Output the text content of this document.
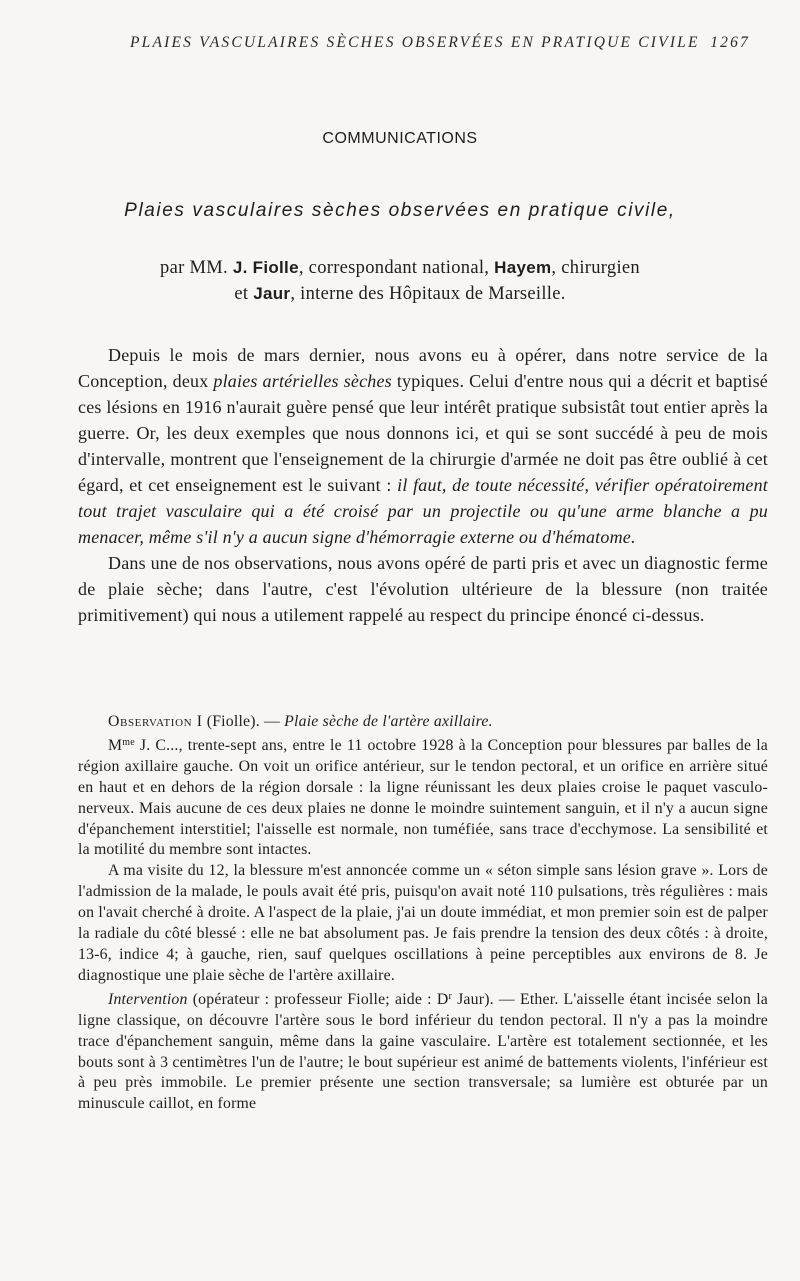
PLAIES VASCULAIRES SÈCHES OBSERVÉES EN PRATIQUE CIVILE 1267
COMMUNICATIONS
Plaies vasculaires sèches observées en pratique civile,
par MM. J. Fiolle, correspondant national, Hayem, chirurgien
et Jaur, interne des Hôpitaux de Marseille.

Depuis le mois de mars dernier, nous avons eu à opérer, dans notre service de la Conception, deux plaies artérielles sèches typiques. Celui d'entre nous qui a décrit et baptisé ces lésions en 1916 n'aurait guère pensé que leur intérêt pratique subsistât tout entier après la guerre. Or, les deux exemples que nous donnons ici, et qui se sont succédé à peu de mois d'intervalle, montrent que l'enseignement de la chirurgie d'armée ne doit pas être oublié à cet égard, et cet enseignement est le suivant : il faut, de toute nécessité, vérifier opératoirement tout trajet vasculaire qui a été croisé par un projectile ou qu'une arme blanche a pu menacer, même s'il n'y a aucun signe d'hémorragie externe ou d'hématome.

Dans une de nos observations, nous avons opéré de parti pris et avec un diagnostic ferme de plaie sèche; dans l'autre, c'est l'évolution ultérieure de la blessure (non traitée primitivement) qui nous a utilement rappelé au respect du principe énoncé ci-dessus.

Observation I (Fiolle). — Plaie sèche de l'artère axillaire.

$M^{me}$ J. C..., trente-sept ans, entre le 11 octobre 1928 à la Conception pour blessures par balles de la région axillaire gauche. On voit un orifice antérieur, sur le tendon pectoral, et un orifice en arrière situé en haut et en dehors de la région dorsale : la ligne réunissant les deux plaies croise le paquet vasculo-nerveux. Mais aucune de ces deux plaies ne donne le moindre suintement sanguin, et il n'y a aucun signe d'épanchement interstitiel; l'aisselle est normale, non tuméfiée, sans trace d'ecchymose. La sensibilité et la motilité du membre sont intactes.

A ma visite du 12, la blessure m'est annoncée comme un « séton simple sans lésion grave ». Lors de l'admission de la malade, le pouls avait été pris, puisqu'on avait noté 110 pulsations, très régulières : mais on l'avait cherché à droite. A l'aspect de la plaie, j'ai un doute immédiat, et mon premier soin est de palper la radiale du côté blessé : elle ne bat absolument pas. Je fais prendre la tension des deux côtés : à droite, 13-6, indice 4; à gauche, rien, sauf quelques oscillations à peine perceptibles aux environs de 8. Je diagnostique une plaie sèche de l'artère axillaire.

Intervention (opérateur : professeur Fiolle; aide : $D^r$ Jaur). — Ether. L'aisselle étant incisée selon la ligne classique, on découvre l'artère sous le bord inférieur du tendon pectoral. Il n'y a pas la moindre trace d'épanchement sanguin, même dans la gaine vasculaire. L'artère est totalement sectionnée, et les bouts sont à 3 centimètres l'un de l'autre; le bout supérieur est animé de battements violents, l'inférieur est à peu près immobile. Le premier présente une section transversale; sa lumière est obturée par un minuscule caillot, en forme
